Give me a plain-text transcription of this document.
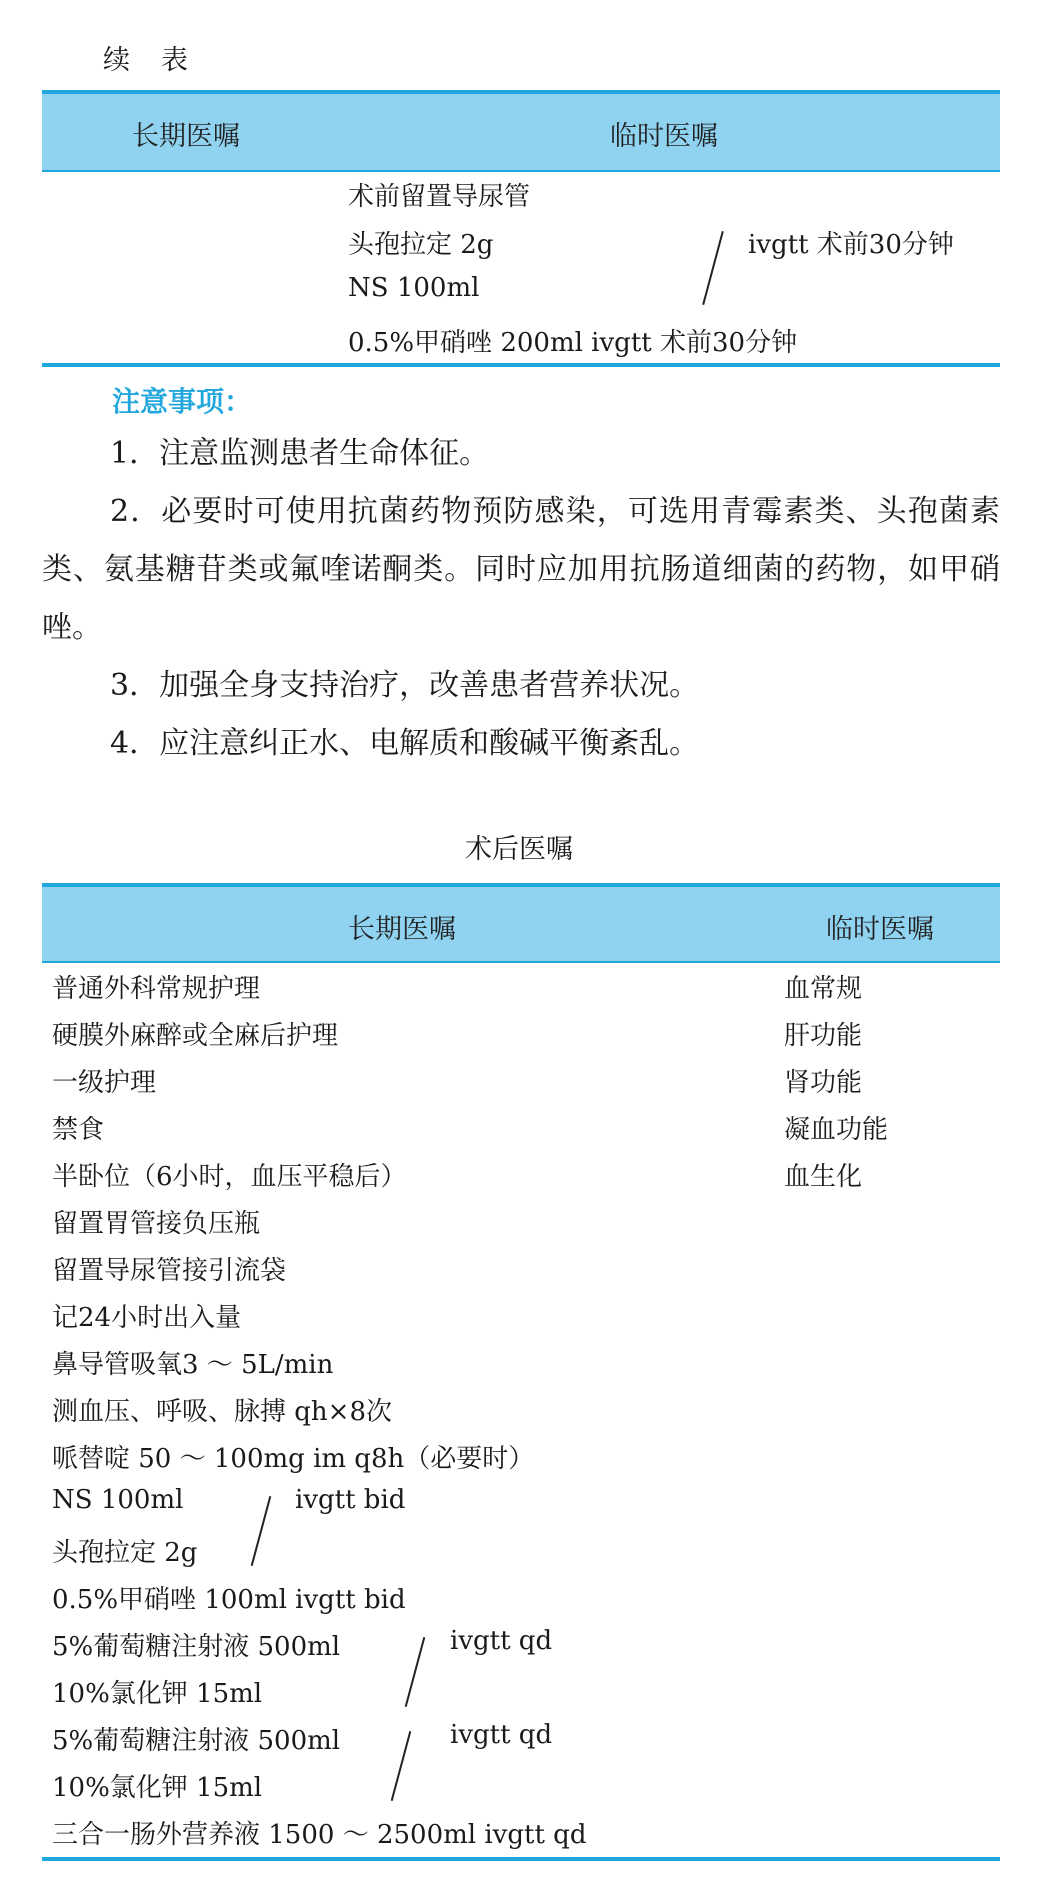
续　表
长期医嘱	临时医嘱
术前留置导尿管
头孢拉定 2g
NS 100ml
ivgtt 术前30分钟
0.5%甲硝唑 200ml ivgtt 术前30分钟
注意事项：
1．注意监测患者生命体征。
2．必要时可使用抗菌药物预防感染，可选用青霉素类、头孢菌素类、氨基糖苷类或氟喹诺酮类。同时应加用抗肠道细菌的药物，如甲硝唑。
3．加强全身支持治疗，改善患者营养状况。
4．应注意纠正水、电解质和酸碱平衡紊乱。
术后医嘱
长期医嘱	临时医嘱
普通外科常规护理
硬膜外麻醉或全麻后护理
一级护理
禁食
半卧位（6小时，血压平稳后）
留置胃管接负压瓶
留置导尿管接引流袋
记24小时出入量
鼻导管吸氧3 ～ 5L/min
测血压、呼吸、脉搏 qh×8次
哌替啶 50 ～ 100mg im q8h（必要时）
NS 100ml
头孢拉定 2g
0.5%甲硝唑 100ml ivgtt bid
5%葡萄糖注射液 500ml
10%氯化钾 15ml
5%葡萄糖注射液 500ml
10%氯化钾 15ml
三合一肠外营养液 1500 ～ 2500ml ivgtt qd
ivgtt bid
ivgtt qd
ivgtt qd
血常规
肝功能
肾功能
凝血功能
血生化
